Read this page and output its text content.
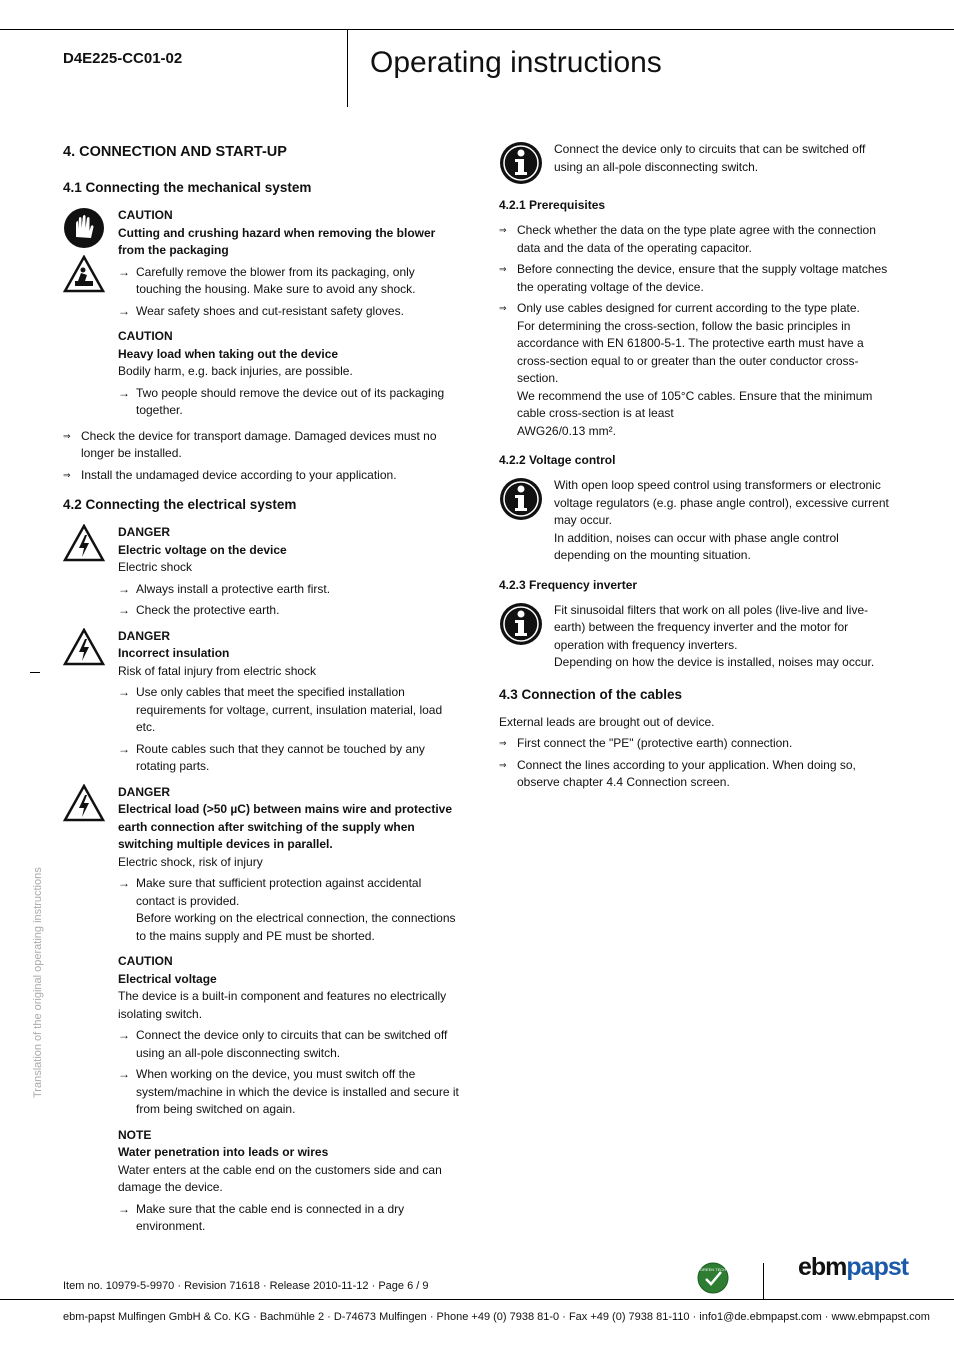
D4E225-CC01-02	Operating instructions
Translation of the original operating instructions
4. CONNECTION AND START-UP
4.1 Connecting the mechanical system
CAUTION
Cutting and crushing hazard when removing the blower from the packaging
→ Carefully remove the blower from its packaging, only touching the housing. Make sure to avoid any shock.
→ Wear safety shoes and cut-resistant safety gloves.
CAUTION
Heavy load when taking out the device
Bodily harm, e.g. back injuries, are possible.
→ Two people should remove the device out of its packaging together.
⇒ Check the device for transport damage. Damaged devices must no longer be installed.
⇒ Install the undamaged device according to your application.
4.2 Connecting the electrical system
DANGER
Electric voltage on the device
Electric shock
→ Always install a protective earth first.
→ Check the protective earth.
DANGER
Incorrect insulation
Risk of fatal injury from electric shock
→ Use only cables that meet the specified installation requirements for voltage, current, insulation material, load etc.
→ Route cables such that they cannot be touched by any rotating parts.
DANGER
Electrical load (>50 µC) between mains wire and protective earth connection after switching of the supply when switching multiple devices in parallel.
Electric shock, risk of injury
→ Make sure that sufficient protection against accidental contact is provided.
Before working on the electrical connection, the connections to the mains supply and PE must be shorted.
CAUTION
Electrical voltage
The device is a built-in component and features no electrically isolating switch.
→ Connect the device only to circuits that can be switched off using an all-pole disconnecting switch.
→ When working on the device, you must switch off the system/machine in which the device is installed and secure it from being switched on again.
NOTE
Water penetration into leads or wires
Water enters at the cable end on the customers side and can damage the device.
→ Make sure that the cable end is connected in a dry environment.
Connect the device only to circuits that can be switched off using an all-pole disconnecting switch.
4.2.1 Prerequisites
⇒ Check whether the data on the type plate agree with the connection data and the data of the operating capacitor.
⇒ Before connecting the device, ensure that the supply voltage matches the operating voltage of the device.
⇒ Only use cables designed for current according to the type plate.
For determining the cross-section, follow the basic principles in accordance with EN 61800-5-1. The protective earth must have a cross-section equal to or greater than the outer conductor cross-section.
We recommend the use of 105°C cables. Ensure that the minimum cable cross-section is at least
AWG26/0.13 mm².
4.2.2 Voltage control
With open loop speed control using transformers or electronic voltage regulators (e.g. phase angle control), excessive current may occur.
In addition, noises can occur with phase angle control depending on the mounting situation.
4.2.3 Frequency inverter
Fit sinusoidal filters that work on all poles (live-live and live-earth) between the frequency inverter and the motor for operation with frequency inverters.
Depending on how the device is installed, noises may occur.
4.3 Connection of the cables
External leads are brought out of device.
⇒ First connect the "PE" (protective earth) connection.
⇒ Connect the lines according to your application. When doing so, observe chapter 4.4 Connection screen.
Item no. 10979-5-9970 · Revision 71618 · Release 2010-11-12 · Page 6 / 9
GREEN TECH	ebmpapst
ebm-papst Mulfingen GmbH & Co. KG · Bachmühle 2 · D-74673 Mulfingen · Phone +49 (0) 7938 81-0 · Fax +49 (0) 7938 81-110 · info1@de.ebmpapst.com · www.ebmpapst.com
